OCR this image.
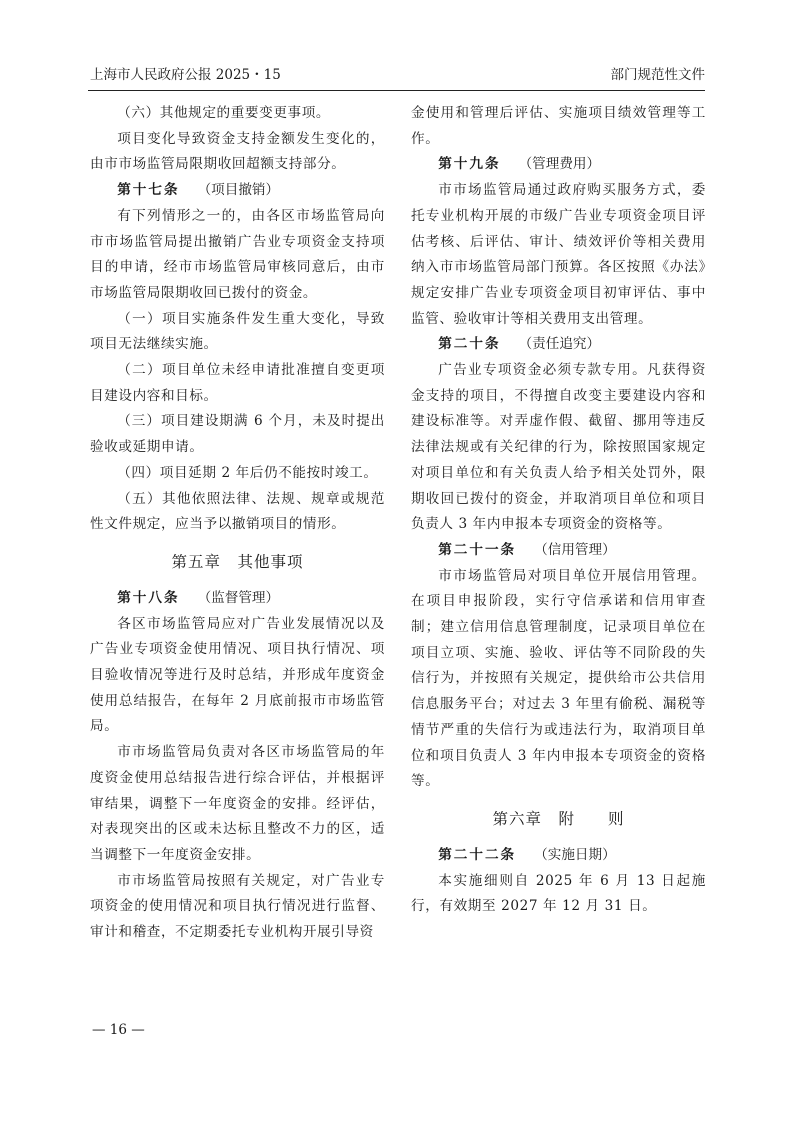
上海市人民政府公报 2025・15	部门规范性文件

（六）其他规定的重要变更事项。

项目变化导致资金支持金额发生变化的，由市市场监管局限期收回超额支持部分。

第十七条 （项目撤销）

有下列情形之一的，由各区市场监管局向市市场监管局提出撤销广告业专项资金支持项目的申请，经市市场监管局审核同意后，由市市场监管局限期收回已拨付的资金。

（一）项目实施条件发生重大变化，导致项目无法继续实施。

（二）项目单位未经申请批准擅自变更项目建设内容和目标。

（三）项目建设期满 6 个月，未及时提出验收或延期申请。

（四）项目延期 2 年后仍不能按时竣工。

（五）其他依照法律、法规、规章或规范性文件规定，应当予以撤销项目的情形。

第五章　其他事项

第十八条 （监督管理）

各区市场监管局应对广告业发展情况以及广告业专项资金使用情况、项目执行情况、项目验收情况等进行及时总结，并形成年度资金使用总结报告，在每年 2 月底前报市市场监管局。

市市场监管局负责对各区市场监管局的年度资金使用总结报告进行综合评估，并根据评审结果，调整下一年度资金的安排。经评估，对表现突出的区或未达标且整改不力的区，适当调整下一年度资金安排。

市市场监管局按照有关规定，对广告业专项资金的使用情况和项目执行情况进行监督、审计和稽查，不定期委托专业机构开展引导资

金使用和管理后评估、实施项目绩效管理等工作。

第十九条 （管理费用）

市市场监管局通过政府购买服务方式，委托专业机构开展的市级广告业专项资金项目评估考核、后评估、审计、绩效评价等相关费用纳入市市场监管局部门预算。各区按照《办法》规定安排广告业专项资金项目初审评估、事中监管、验收审计等相关费用支出管理。

第二十条 （责任追究）

广告业专项资金必须专款专用。凡获得资金支持的项目，不得擅自改变主要建设内容和建设标准等。对弄虚作假、截留、挪用等违反法律法规或有关纪律的行为，除按照国家规定对项目单位和有关负责人给予相关处罚外，限期收回已拨付的资金，并取消项目单位和项目负责人 3 年内申报本专项资金的资格等。

第二十一条 （信用管理）

市市场监管局对项目单位开展信用管理。在项目申报阶段，实行守信承诺和信用审查制；建立信用信息管理制度，记录项目单位在项目立项、实施、验收、评估等不同阶段的失信行为，并按照有关规定，提供给市公共信用信息服务平台；对过去 3 年里有偷税、漏税等情节严重的失信行为或违法行为，取消项目单位和项目负责人 3 年内申报本专项资金的资格等。

第六章　附　　则

第二十二条 （实施日期）

本实施细则自 2025 年 6 月 13 日起施行，有效期至 2027 年 12 月 31 日。

— 16 —
